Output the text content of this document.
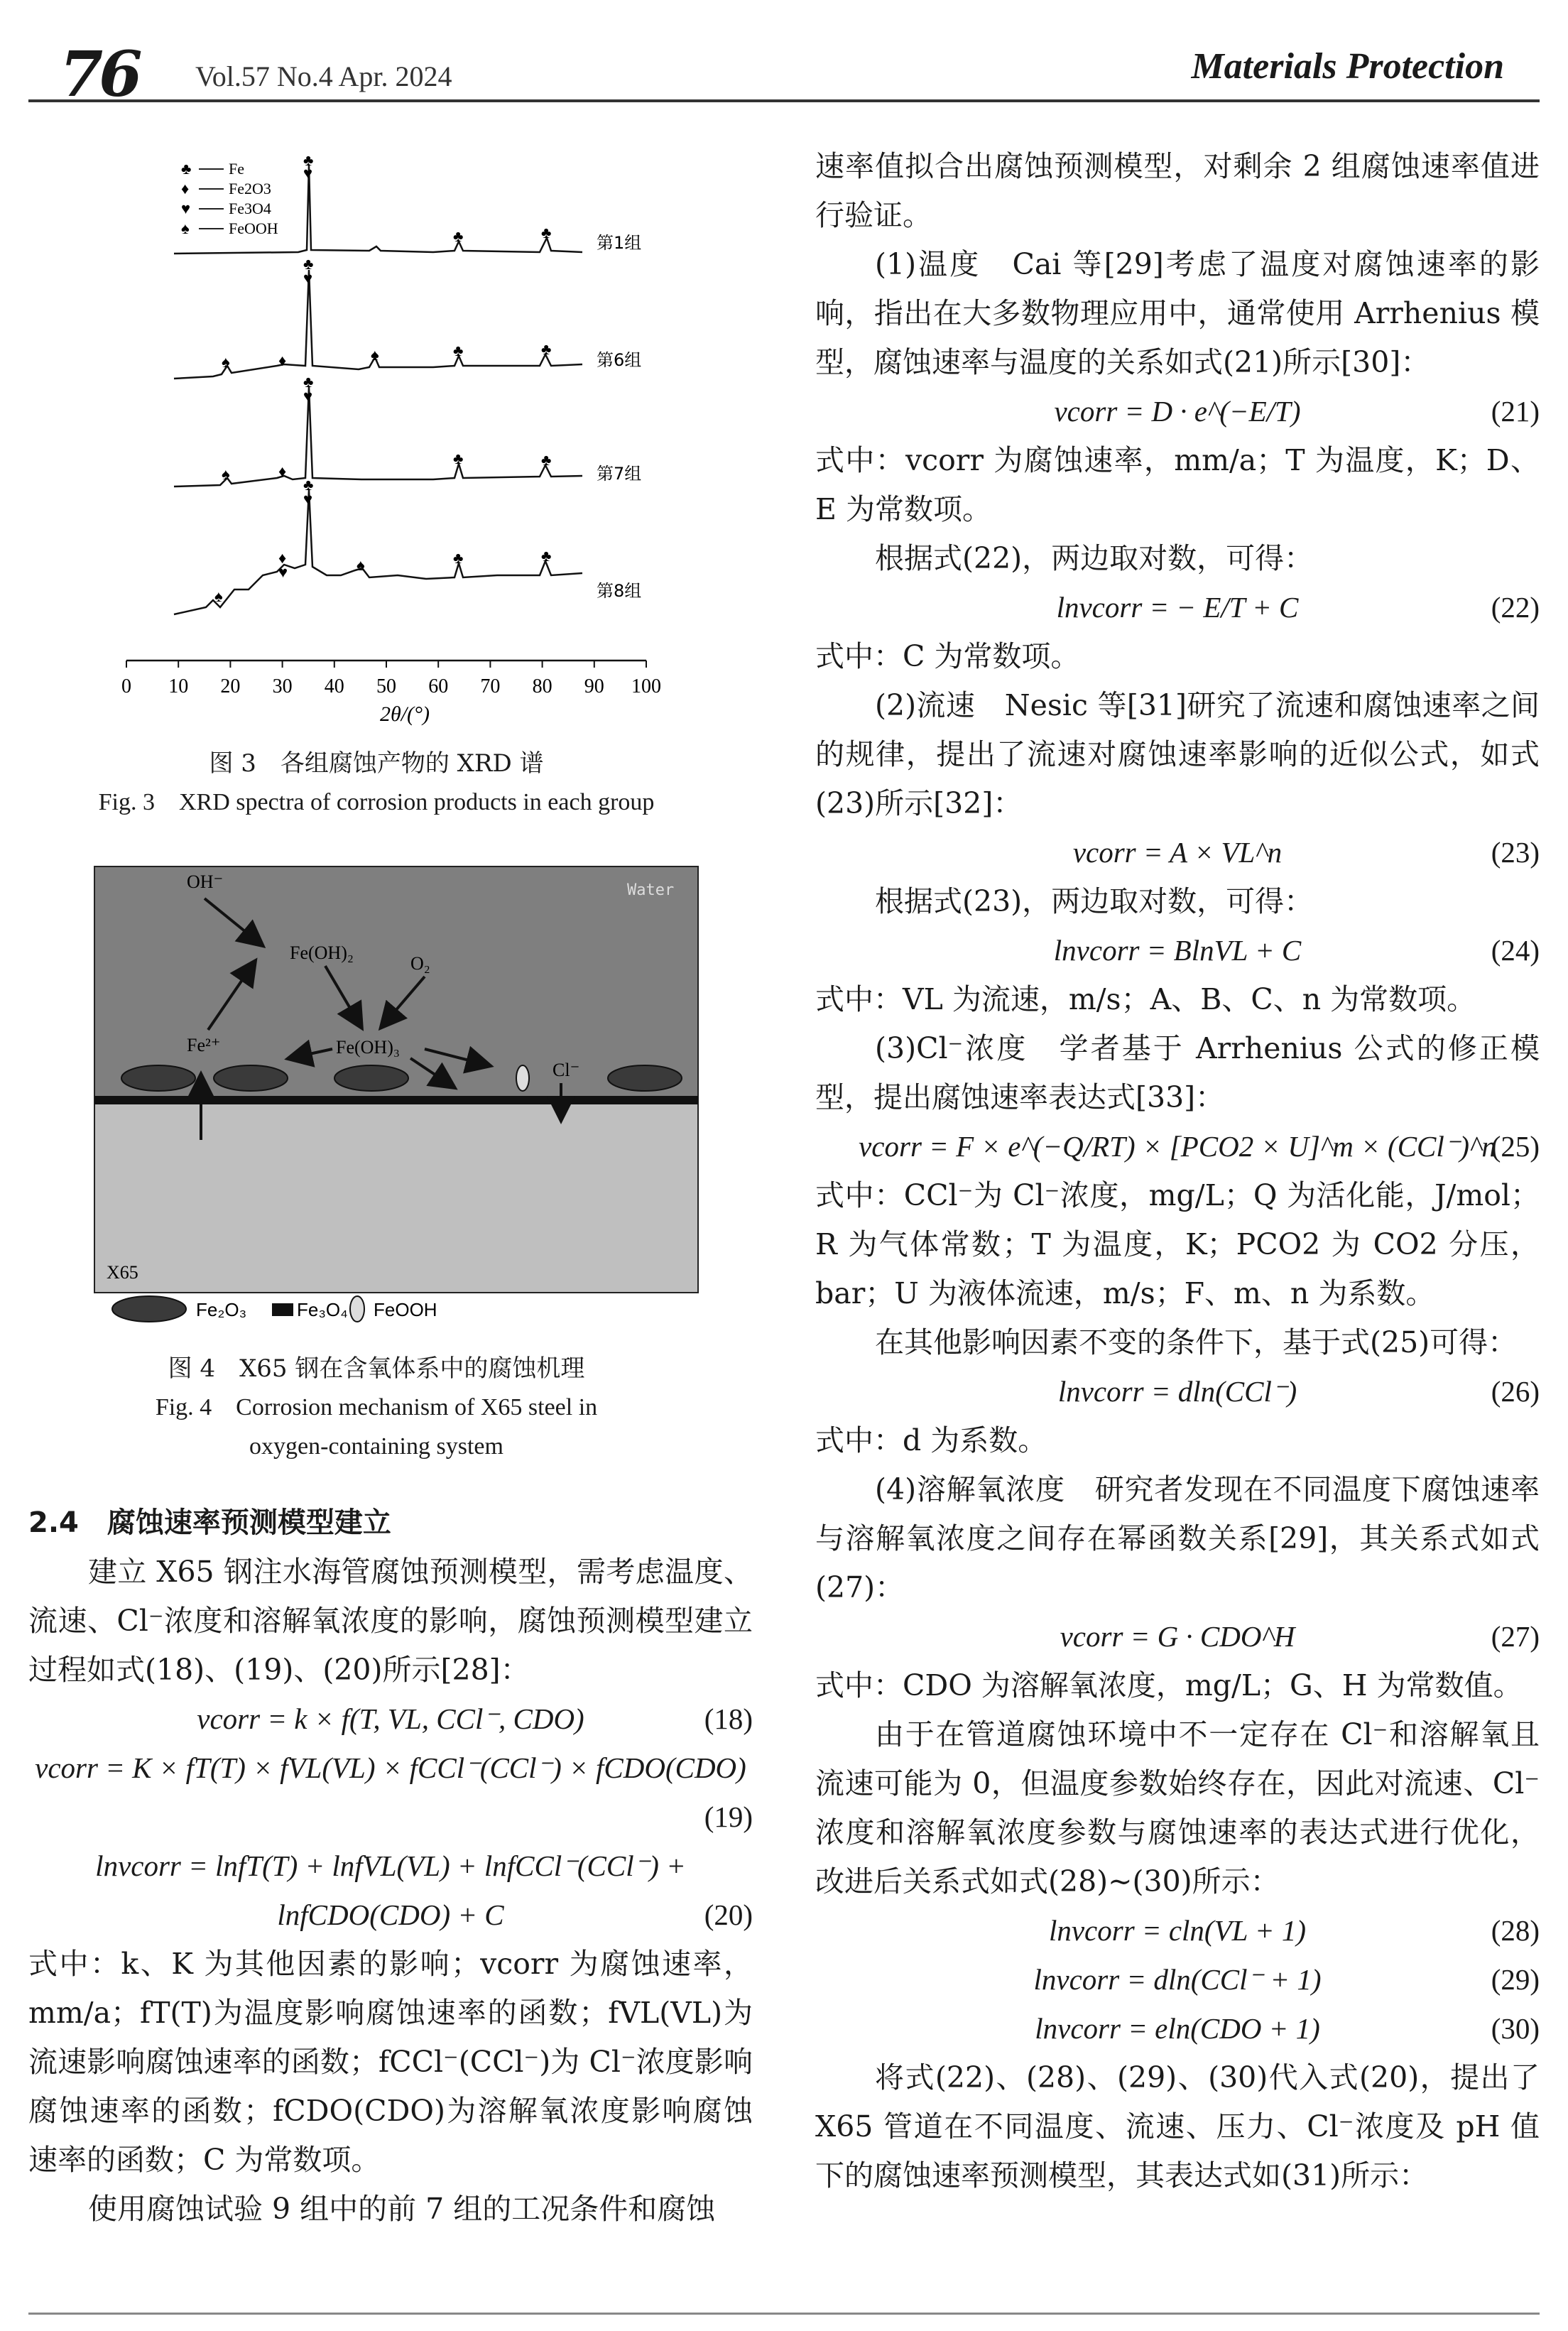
76 Vol.57 No.4 Apr. 2024	Materials Protection
♣ Fe
♦	Fe2O3
♥ Fe3O4
♠	FeOOH
♣
♥
♣	♣
♠	♦
♣
♥
♠	♣	♣
♠	♦
♣
♥
♣	♣
♠
♦
♥
♣
♥
♠	♣	♣
第1组
第6组
第7组
第8组
0 10 20 30 40 50 60 70 80 90 100
2θ/(°)
图 3　各组腐蚀产物的 XRD 谱
Fig. 3　XRD spectra of corrosion products in each group
Water
X65
OH⁻
Fe(OH)₂
O₂
Fe²⁺	Fe(OH)₃
Cl⁻
Fe₂O₃	Fe₃O₄ FeOOH
图 4　X65 钢在含氧体系中的腐蚀机理
Fig. 4　Corrosion mechanism of X65 steel in
oxygen-containing system

2.4　腐蚀速率预测模型建立

建立 X65 钢注水海管腐蚀预测模型，需考虑温度、流速、Cl⁻浓度和溶解氧浓度的影响，腐蚀预测模型建立过程如式(18)、(19)、(20)所示[28]：

vcorr = k × f(T, VL, CCl⁻, CDO)	(18)
vcorr = K × fT(T) × fVL(VL) × fCCl⁻(CCl⁻) × fCDO(CDO)
(19)
lnvcorr = lnfT(T) + lnfVL(VL) + lnfCCl⁻(CCl⁻) +
lnfCDO(CDO) + C	(20)

式中：k、K 为其他因素的影响；vcorr 为腐蚀速率，mm/a；fT(T)为温度影响腐蚀速率的函数；fVL(VL)为流速影响腐蚀速率的函数；fCCl⁻(CCl⁻)为 Cl⁻浓度影响腐蚀速率的函数；fCDO(CDO)为溶解氧浓度影响腐蚀速率的函数；C 为常数项。

使用腐蚀试验 9 组中的前 7 组的工况条件和腐蚀

速率值拟合出腐蚀预测模型，对剩余 2 组腐蚀速率值进行验证。

(1)温度　Cai 等[29]考虑了温度对腐蚀速率的影响，指出在大多数物理应用中，通常使用 Arrhenius 模型，腐蚀速率与温度的关系如式(21)所示[30]：

vcorr = D · e^(−E/T)	(21)

式中：vcorr 为腐蚀速率，mm/a；T 为温度，K；D、E 为常数项。

根据式(22)，两边取对数，可得：

lnvcorr = − E/T + C	(22)

式中：C 为常数项。

(2)流速　Nesic 等[31]研究了流速和腐蚀速率之间的规律，提出了流速对腐蚀速率影响的近似公式，如式(23)所示[32]：

vcorr = A × VL^n	(23)

根据式(23)，两边取对数，可得：

lnvcorr = BlnVL + C	(24)

式中：VL 为流速，m/s；A、B、C、n 为常数项。

(3)Cl⁻浓度　学者基于 Arrhenius 公式的修正模型，提出腐蚀速率表达式[33]：

vcorr = F × e^(−Q/RT) × [PCO2 × U]^m × (CCl⁻)^n
(25)

式中：CCl⁻为 Cl⁻浓度，mg/L；Q 为活化能，J/mol；R 为气体常数；T 为温度，K；PCO2 为 CO2 分压，bar；U 为液体流速，m/s；F、m、n 为系数。

在其他影响因素不变的条件下，基于式(25)可得：

lnvcorr = dln(CCl⁻)	(26)

式中：d 为系数。

(4)溶解氧浓度　研究者发现在不同温度下腐蚀速率与溶解氧浓度之间存在幂函数关系[29]，其关系式如式(27)：

vcorr = G · CDO^H	(27)

式中：CDO 为溶解氧浓度，mg/L；G、H 为常数值。

由于在管道腐蚀环境中不一定存在 Cl⁻和溶解氧且流速可能为 0，但温度参数始终存在，因此对流速、Cl⁻浓度和溶解氧浓度参数与腐蚀速率的表达式进行优化，改进后关系式如式(28)~(30)所示：

lnvcorr = cln(VL + 1)	(28)
lnvcorr = dln(CCl⁻ + 1)	(29)
lnvcorr = eln(CDO + 1)	(30)

将式(22)、(28)、(29)、(30)代入式(20)，提出了 X65 管道在不同温度、流速、压力、Cl⁻浓度及 pH 值下的腐蚀速率预测模型，其表达式如(31)所示：
